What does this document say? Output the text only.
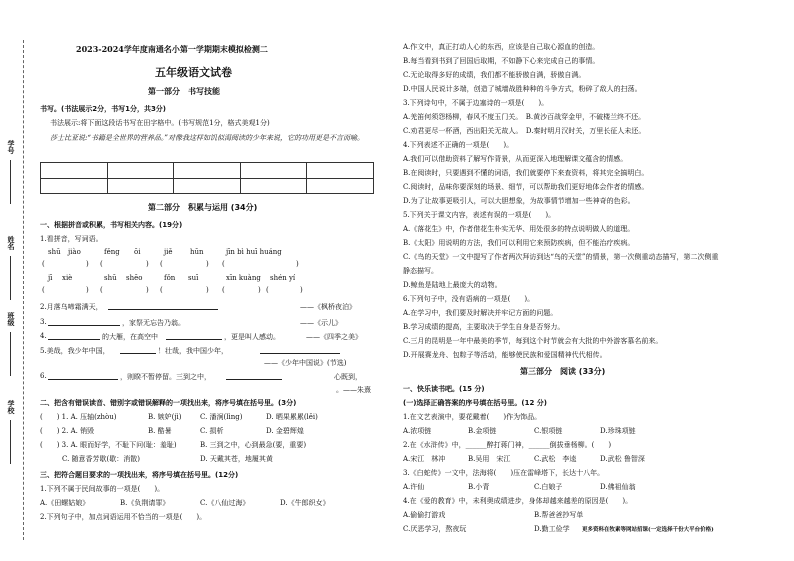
学号
姓名
班级
学校
2023-2024学年度南通名小第一学期期末模拟检测二
五年级语文试卷
第一部分　书写技能
书写。(书法展示2分，书写1分，共3分)
书法展示:将下面这段话书写在田字格中。(书写规范1分，格式美观1分)
莎士比亚说:“书籍是全世界的营养品。”对像我这样如饥似渴阅读的少年来说，它的功用更是不言而喻。

第二部分　积累与运用 (34分)
一、根据拼音或积累，书写相关内容。(19分)
1.看拼音，写词语。
shū jiào	fěng ōi	jiě hūn	jīn bì huī huáng
(	) (	) (	) (	)
jī xiè	shū shēo	fǒn suī	xīn kuàng shén yí
(	) (	) (	) (	) (	)
2.月落乌啼霜满天，	——《枫桥夜泊》
3.	，家祭无忘告乃翁。	——《示儿》
4.	的大雁，在高空中	，更是叫人感动。	——《四季之美》
5.美哉，我少年中国，	！壮哉，我中国少年，
——《少年中国说》(节选)
6.	，则睽不暂停留。三到之中，	心既到，
。——朱熹
二、把含有错误读音、错别字或错误解释的一项找出来，将序号填在括号里。(3分)
(　　) 1. A. 压轴(zhòu)	B. 嫉妒(jì)	C. 潘涧(lìng)	D. 晒果累累(lěi)
(　　) 2. A. 销毁	B. 酷暑	C. 损析	D. 金碧辉煌
(　　) 3. A. 眼而好学，不耻下问(耻：羞耻)	B. 三到之中，心到最急(要，重要)
C. 随意香芳歇(歇：消散)	D. 天戴其苍，地履其黄
三、把符合题目要求的一项找出来，将序号填在括号里。(12分)
1.下列不属于民间故事的一项是(　　)。
A.《田螺姑娘》	B.《负荆请罪》	C.《八仙过海》	D.《牛郎织女》
2.下列句子中，加点词语运用不恰当的一项是(　　)。
A.作文中，真正打动人心的东西，应该是自己取心源血的创造。
B.每当看到书到了回国后取期，不如静下心来完成自己的事情。
C.无论取得多好的成绩，我们都不能骄傲自满，骄傲自满。
D.中国人民说计多端，创造了城墙战胜种种的斗争方式，粉碎了敌人的扫荡。
3.下列诗句中，不属于边塞诗的一项是(　　)。
A.羌笛何须怨杨柳，春风不度玉门关。　B.黄沙百战穿金甲，不破楼兰终不还。
C.劝君更尽一杯酒，西出阳关无故人。　D.秦时明月汉时关，万里长征人未还。
4.下列表述不正确的一项是(　　)。
A.我们可以借助资料了解写作背景，从而更深入地理解课文蕴含的情感。
B.在阅读时，只要遇到不懂的词语，我们就要停下来查资料，将其完全搞明白。
C.阅读时，品味你要深刻的场景、细节，可以帮助我们更好地体会作者的情感。
D.为了让故事更吸引人，可以大胆想象，为故事情节增加一些神奇的色彩。
5.下列关于课文内容，表述有误的一项是(　　)。
A.《落花生》中，作者借花生朴实无华、用处很多的特点说明做人的道理。
B.《太阳》用说明的方法，我们可以利用它来预防疾病，但不能治疗疾病。
C.《鸟的天堂》一文中提写了作者两次拜访到达“鸟的天堂”的情景，第一次侧重动态描写，第二次侧重
静态描写。
D.鲸鱼是陆地上最庞大的动物。
6.下列句子中，没有语病的一项是(　　)。
A.在学习中，我们要及时解决并牢记方面的问题。
B.学习成绩的提高，主要取决于学生自身是否努力。
C.三月的昆明是一年中最美的季节，每到这个时节就会有大批的中外游客慕名前来。
D.开展赛龙舟、包粽子等活动，能够使民族和爱国精神代代相传。
第三部分　阅读 (33分)
一、快乐读书吧。(15 分)
(一)选择正确答案的序号填在括号里。(12 分)
1.在文艺表演中，要花戴着(　　)作为饰品。
A.浓项链	B.金项链	C.银项链	D.珍珠项链
2.在《水浒传》中，______醉打蒋门神，______倒拔垂杨柳。(　　)
A.宋江　林冲	B.吴用　宋江	C.武松　李逵	D.武松 鲁智深
3.《白蛇传》一文中，法海将(　　)压在雷峰塔下，长达十八年。
A.许仙	B.小青	C.白娘子	D.佛祖仙翁
4.在《爱的教育》中，未利奥成绩进步，身体却越来越差的原因是(　　)。
A.偷偷打游戏	B.帮爸爸抄写单
C.厌恶学习，熬夜玩	D.勤工俭学 更多资料在牧素等网站招课(一定选择千份大平台价格)
